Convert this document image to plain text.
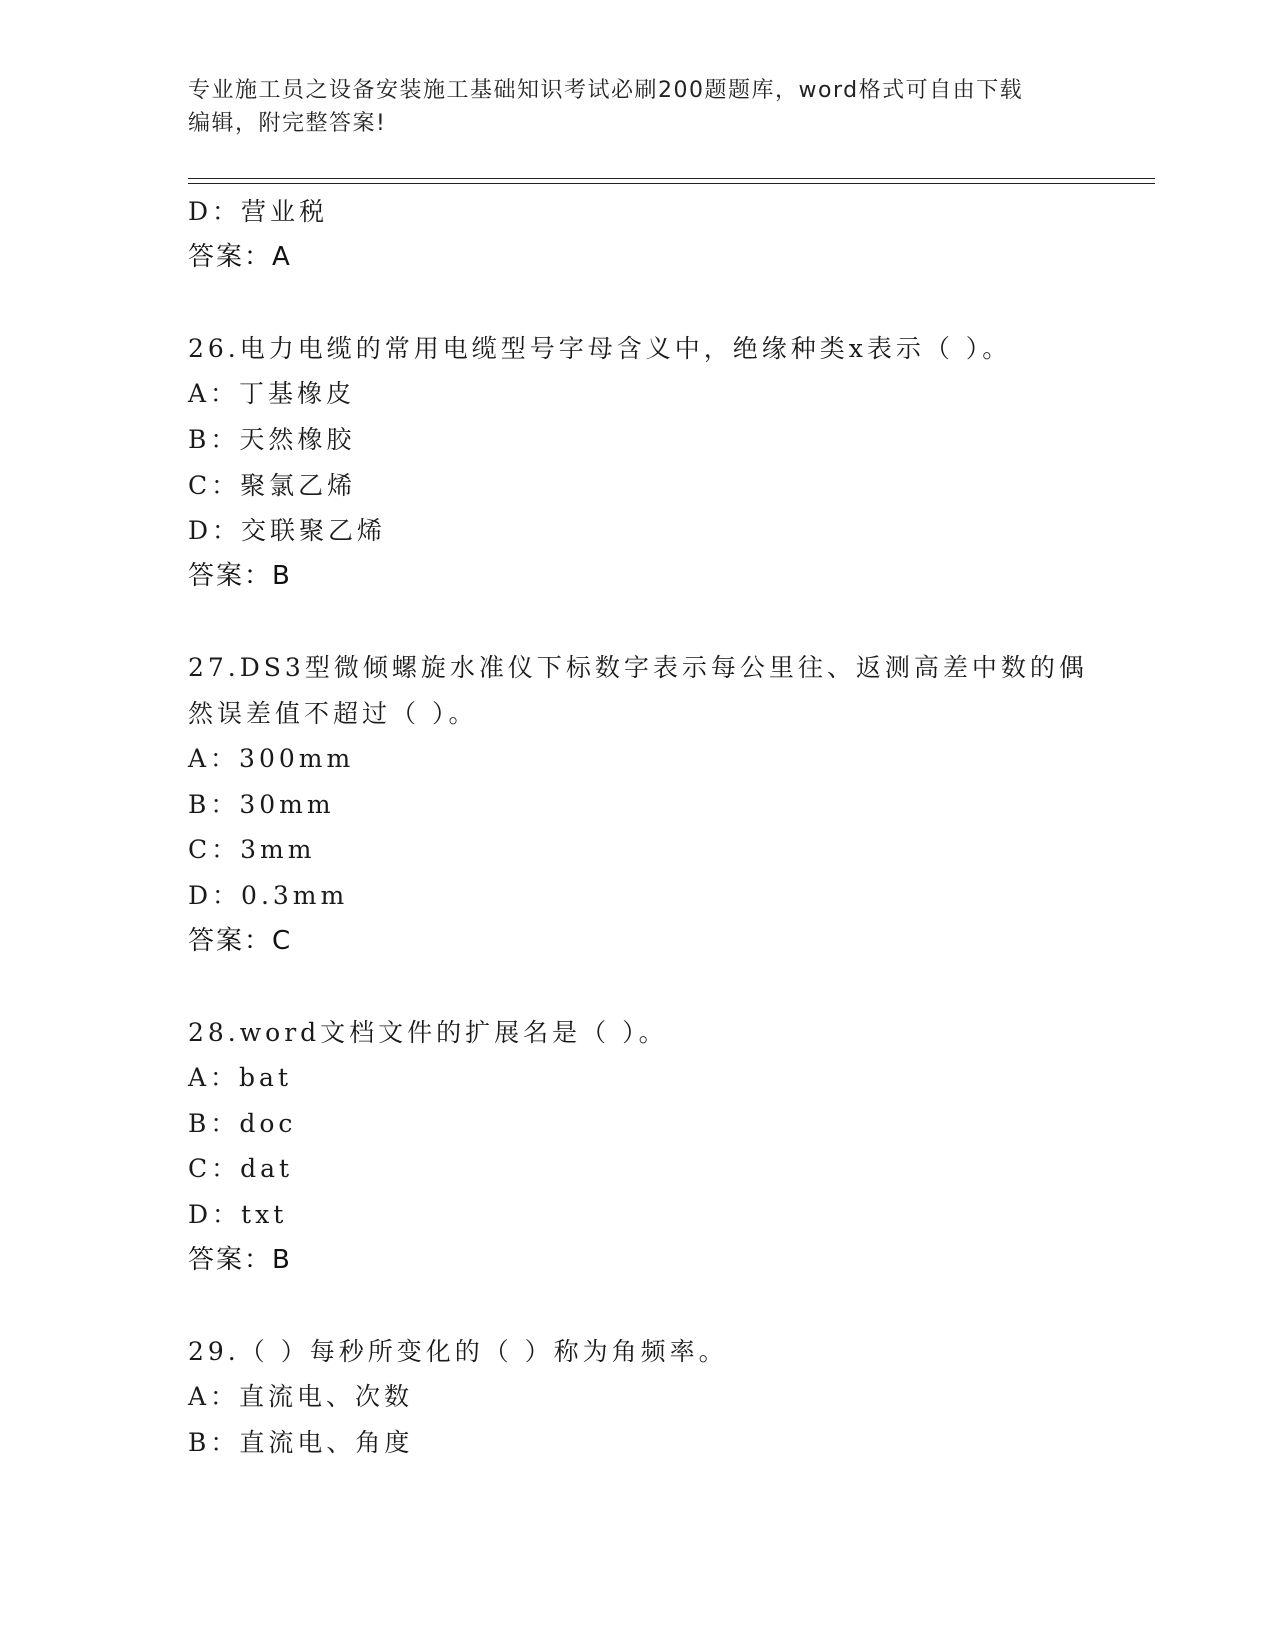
专业施工员之设备安装施工基础知识考试必刷200题题库，word格式可自由下载
编辑，附完整答案!
D：营业税
答案：A
26.电力电缆的常用电缆型号字母含义中，绝缘种类x表示（ ）。
A：丁基橡皮
B：天然橡胶
C：聚氯乙烯
D：交联聚乙烯
答案：B
27.DS3型微倾螺旋水准仪下标数字表示每公里往、返测高差中数的偶
然误差值不超过（ ）。
A：300mm
B：30mm
C：3mm
D：0.3mm
答案：C
28.word文档文件的扩展名是（ ）。
A：bat
B：doc
C：dat
D：txt
答案：B
29.（ ）每秒所变化的（ ）称为角频率。
A：直流电、次数
B：直流电、角度
